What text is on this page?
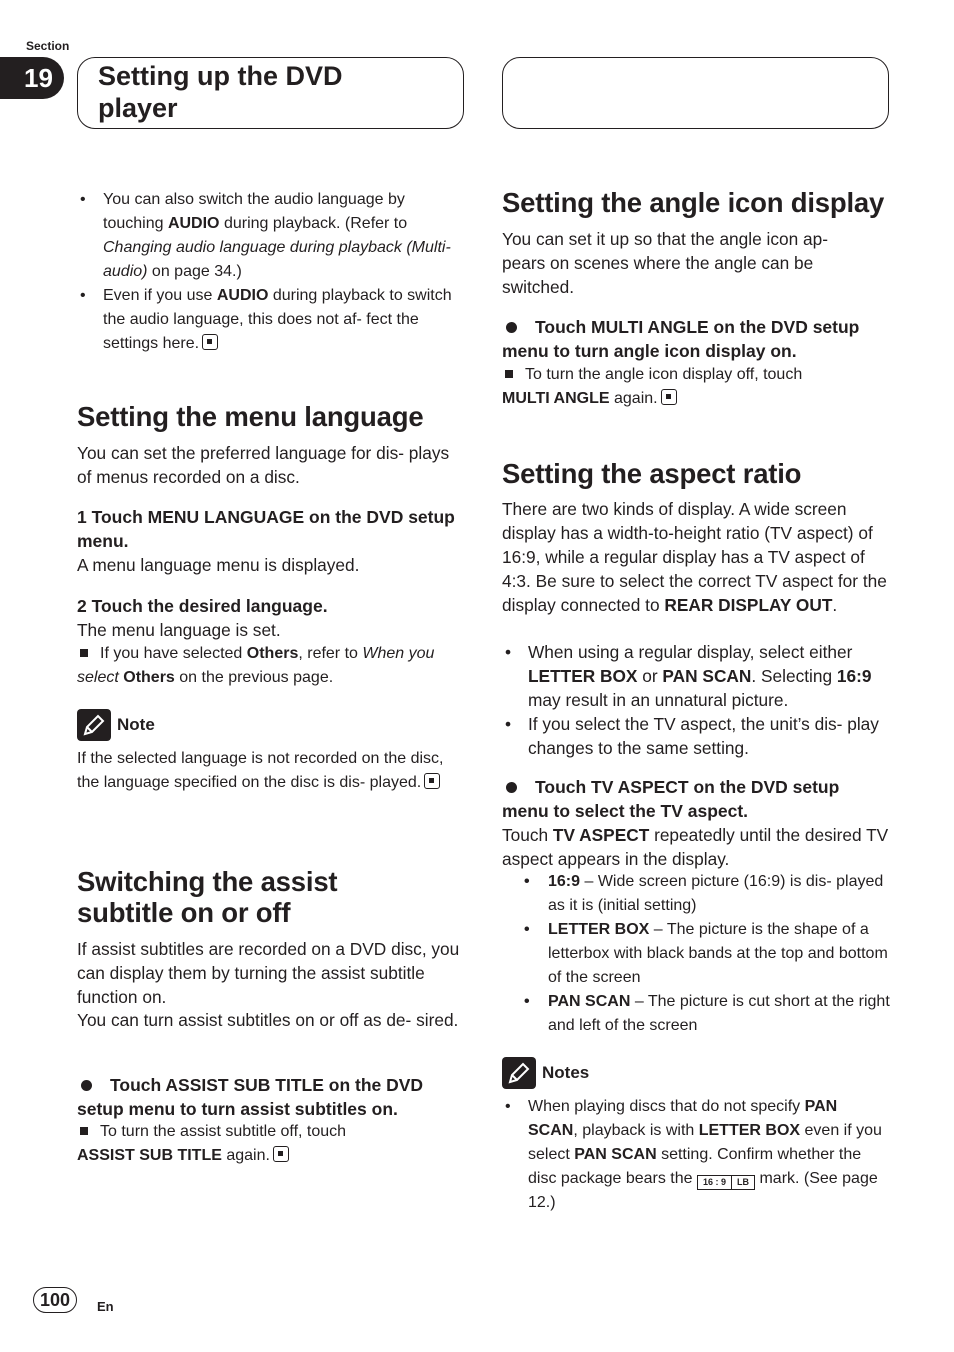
Section
19	Setting up the DVD player
• You can also switch the audio language by touching AUDIO during playback. (Refer to Changing audio language during playback (Multi-audio) on page 34.)
• Even if you use AUDIO during playback to switch the audio language, this does not af- fect the settings here.
Setting the menu language

You can set the preferred language for dis- plays of menus recorded on a disc.

1 Touch MENU LANGUAGE on the DVD setup menu.

A menu language menu is displayed.

2 Touch the desired language.

The menu language is set.

If you have selected Others, refer to When you select Others on the previous page.

Note

If the selected language is not recorded on the disc, the language specified on the disc is dis- played.

Switching the assist subtitle on or off

If assist subtitles are recorded on a DVD disc, you can display them by turning the assist subtitle function on.

You can turn assist subtitles on or off as de- sired.

Touch ASSIST SUB TITLE on the DVD setup menu to turn assist subtitles on.

To turn the assist subtitle off, touch
ASSIST SUB TITLE again.

Setting the angle icon display

You can set it up so that the angle icon ap- pears on scenes where the angle can be switched.

Touch MULTI ANGLE on the DVD setup menu to turn angle icon display on.

To turn the angle icon display off, touch
MULTI ANGLE again.

Setting the aspect ratio

There are two kinds of display. A wide screen display has a width-to-height ratio (TV aspect) of 16:9, while a regular display has a TV aspect of 4:3. Be sure to select the correct TV aspect for the display connected to REAR DISPLAY OUT.

• When using a regular display, select either LETTER BOX or PAN SCAN. Selecting 16:9 may result in an unnatural picture.
• If you select the TV aspect, the unit’s dis- play changes to the same setting.
Touch TV ASPECT on the DVD setup menu to select the TV aspect.

Touch TV ASPECT repeatedly until the desired TV aspect appears in the display.

• 16:9 – Wide screen picture (16:9) is dis- played as it is (initial setting)
• LETTER BOX – The picture is the shape of a letterbox with black bands at the top and bottom of the screen
• PAN SCAN – The picture is cut short at the right and left of the screen
Notes
• When playing discs that do not specify PAN SCAN, playback is with LETTER BOX even if you select PAN SCAN setting. Confirm whether the disc package bears the 16 : 9	LB mark. (See page 12.)
100	En
